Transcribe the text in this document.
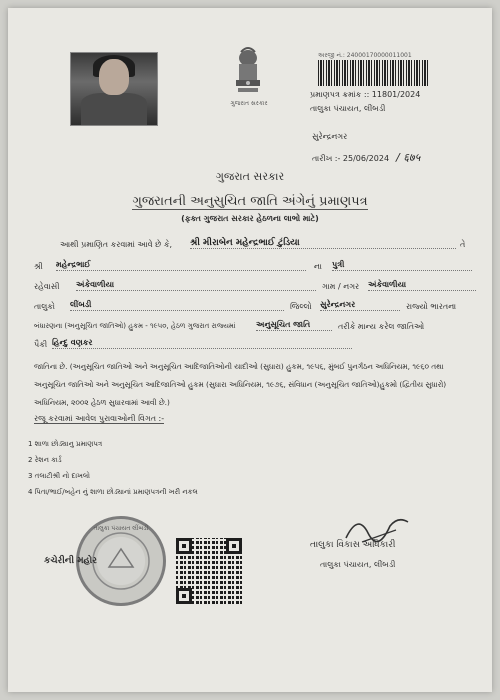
ગુજરાત સરકાર
અરજી નં.: 24000170000011001
પ્રમાણપત્ર ક્રમાંક :: 11801/2024
તાલુકા પંચાયત, લીંબડી
સુરેન્દ્રનગર
તારીખ :- 25/06/2024 / ६७५
ગુજરાત સરકાર
ગુજરાતની અનુસુચિત જાતિ અંગેનું પ્રમાણપત્ર
(ફક્ત ગુજરાત સરકાર હેઠળના લાભો માટે)
આથી પ્રમાણિત કરવામાં આવે છે કે, શ્રી મીરાબેન મહેન્દ્રભાઈ ટુંડિયા	તે
શ્રી મહેન્દ્રભાઈ	ના પુત્રી
રહેવાસી અંકેવાળીયા	ગામ / નગર અંકેવાળીયા
તાલુકો લીંબડી	જિલ્લો સુરેન્દ્રનગર	રાજ્યો ભારતના
બંધારણના (અનુસૂચિત જાતિઓ) હુકમ - ૧૯૫૦, હેઠળ ગુજરાત રાજ્યમાં	અનુસૂચિત જાતિ	તરીકે માન્ય કરેલ જાતિઓ
પૈકી હિન્દુ વણકર
જાતિના છે. (અનુસૂચિત જાતિઓ અને અનુસૂચિત આદિજાતિઓની યાદીઓ (સુધારા) હુકમ, ૧૯૫૬, મુંબઈ પુનર્ગઠન અધિનિયમ, ૧૯૬૦ તથા અનુસૂચિત જાતિઓ અને અનુસૂચિત આદિજાતિઓ હુકમ (સુધારા અધિનિયમ, ૧૯૭૬, સંવિધાન (અનુસૂચિત જાતિઓ)હુકમો (દ્વિતીય સુધારો) અધિનિયમ, ૨૦૦૨ હેઠળ સુધારવામાં આવી છે.)
રજૂ કરવામાં આવેલ પુરાવાઓની વિગત :-
1 શાળા છોડ્યાનુ પ્રમાણપત્ર
2 રેશન કાર્ડ
3 તલાટીશ્રી નો દાખલો
4 પિતા/ભાઈ/બહેન નું શાળા છોડ્યાનાં પ્રમાણપત્રની ખરી નકલ
તાલુકા પંચાયત લીંબડી
કચેરીની મહોર
તાલુકા વિકાસ અધિકારી
તાલુકા પંચાયત, લીંબડી
